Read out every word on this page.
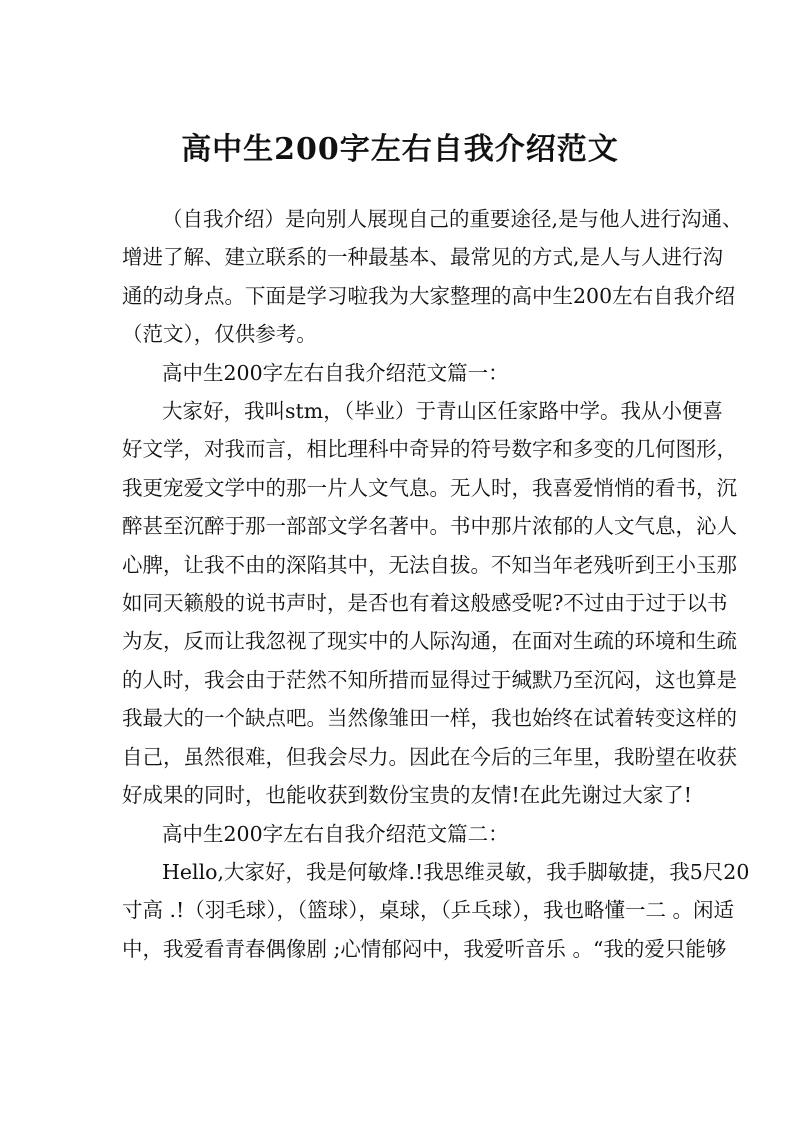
高中生200字左右自我介绍范文

（自我介绍）是向别人展现自己的重要途径,是与他人进行沟通、

增进了解、建立联系的一种最基本、最常见的方式,是人与人进行沟

通的动身点。下面是学习啦我为大家整理的高中生200左右自我介绍

（范文），仅供参考。

高中生200字左右自我介绍范文篇一：

大家好，我叫stm，（毕业）于青山区任家路中学。我从小便喜

好文学，对我而言，相比理科中奇异的符号数字和多变的几何图形，

我更宠爱文学中的那一片人文气息。无人时，我喜爱悄悄的看书，沉

醉甚至沉醉于那一部部文学名著中。书中那片浓郁的人文气息，沁人

心脾，让我不由的深陷其中，无法自拔。不知当年老残听到王小玉那

如同天籁般的说书声时，是否也有着这般感受呢?不过由于过于以书

为友，反而让我忽视了现实中的人际沟通，在面对生疏的环境和生疏

的人时，我会由于茫然不知所措而显得过于缄默乃至沉闷，这也算是

我最大的一个缺点吧。当然像雏田一样，我也始终在试着转变这样的

自己，虽然很难，但我会尽力。因此在今后的三年里，我盼望在收获

好成果的同时，也能收获到数份宝贵的友情!在此先谢过大家了!

高中生200字左右自我介绍范文篇二：

Hello,大家好，我是何敏烽.!我思维灵敏，我手脚敏捷，我5尺20

寸高 .!（羽毛球），（篮球），桌球，（乒乓球），我也略懂一二 。闲适

中，我爱看青春偶像剧 ;心情郁闷中，我爱听音乐 。“我的爱只能够
